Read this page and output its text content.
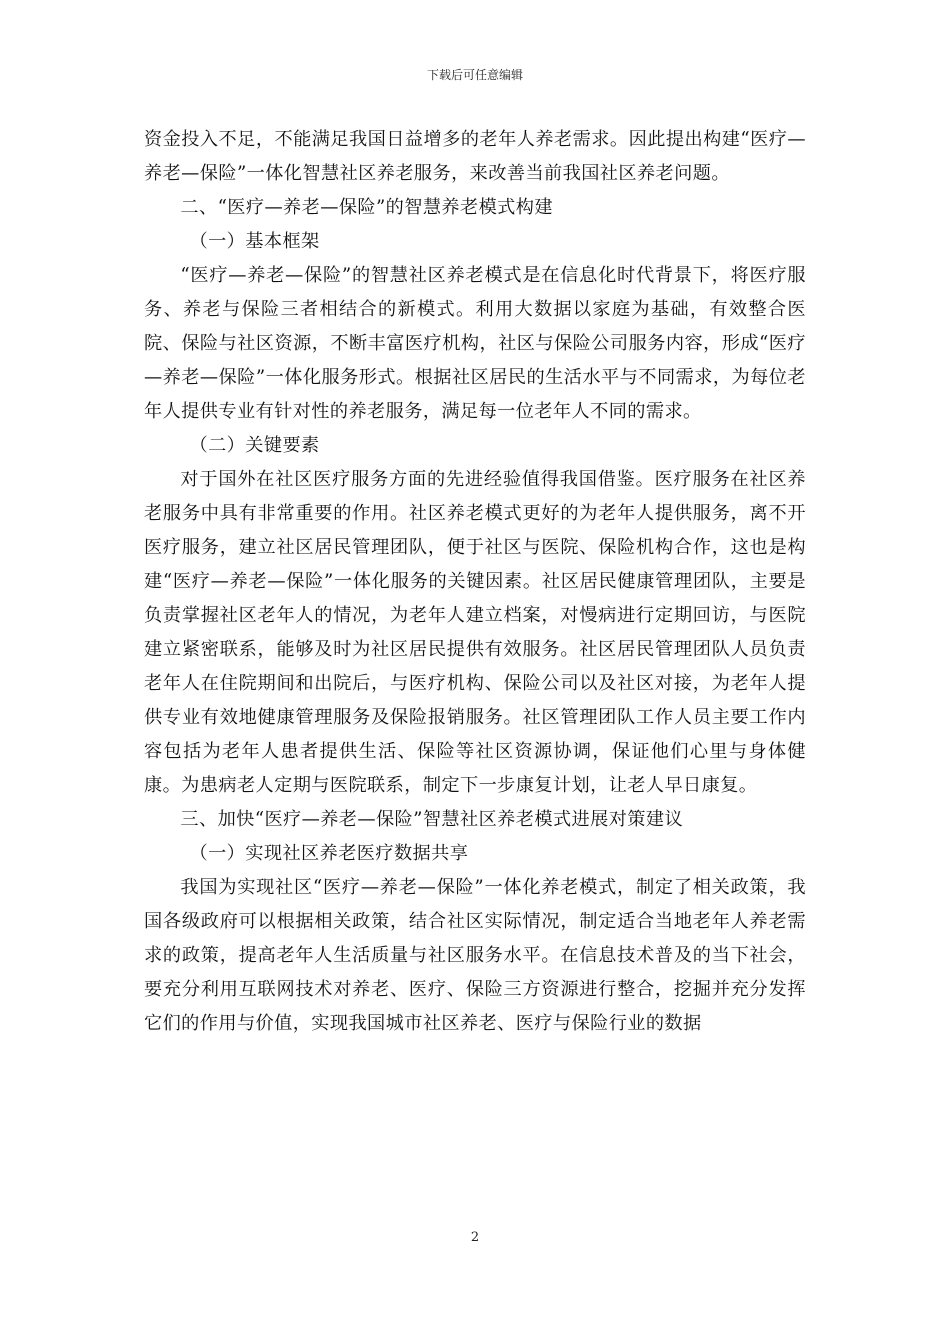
下载后可任意编辑

资金投入不足，不能满足我国日益增多的老年人养老需求。因此提出构建“医疗—养老—保险”一体化智慧社区养老服务，来改善当前我国社区养老问题。

二、“医疗—养老—保险”的智慧养老模式构建

（一）基本框架

“医疗—养老—保险”的智慧社区养老模式是在信息化时代背景下，将医疗服务、养老与保险三者相结合的新模式。利用大数据以家庭为基础，有效整合医院、保险与社区资源，不断丰富医疗机构，社区与保险公司服务内容，形成“医疗—养老—保险”一体化服务形式。根据社区居民的生活水平与不同需求，为每位老年人提供专业有针对性的养老服务，满足每一位老年人不同的需求。

（二）关键要素

对于国外在社区医疗服务方面的先进经验值得我国借鉴。医疗服务在社区养老服务中具有非常重要的作用。社区养老模式更好的为老年人提供服务，离不开医疗服务，建立社区居民管理团队，便于社区与医院、保险机构合作，这也是构建“医疗—养老—保险”一体化服务的关键因素。社区居民健康管理团队，主要是负责掌握社区老年人的情况，为老年人建立档案，对慢病进行定期回访，与医院建立紧密联系，能够及时为社区居民提供有效服务。社区居民管理团队人员负责老年人在住院期间和出院后，与医疗机构、保险公司以及社区对接，为老年人提供专业有效地健康管理服务及保险报销服务。社区管理团队工作人员主要工作内容包括为老年人患者提供生活、保险等社区资源协调，保证他们心里与身体健康。为患病老人定期与医院联系，制定下一步康复计划，让老人早日康复。

三、加快“医疗—养老—保险”智慧社区养老模式进展对策建议

（一）实现社区养老医疗数据共享

我国为实现社区“医疗—养老—保险”一体化养老模式，制定了相关政策，我国各级政府可以根据相关政策，结合社区实际情况，制定适合当地老年人养老需求的政策，提高老年人生活质量与社区服务水平。在信息技术普及的当下社会，要充分利用互联网技术对养老、医疗、保险三方资源进行整合，挖掘并充分发挥它们的作用与价值，实现我国城市社区养老、医疗与保险行业的数据

2
